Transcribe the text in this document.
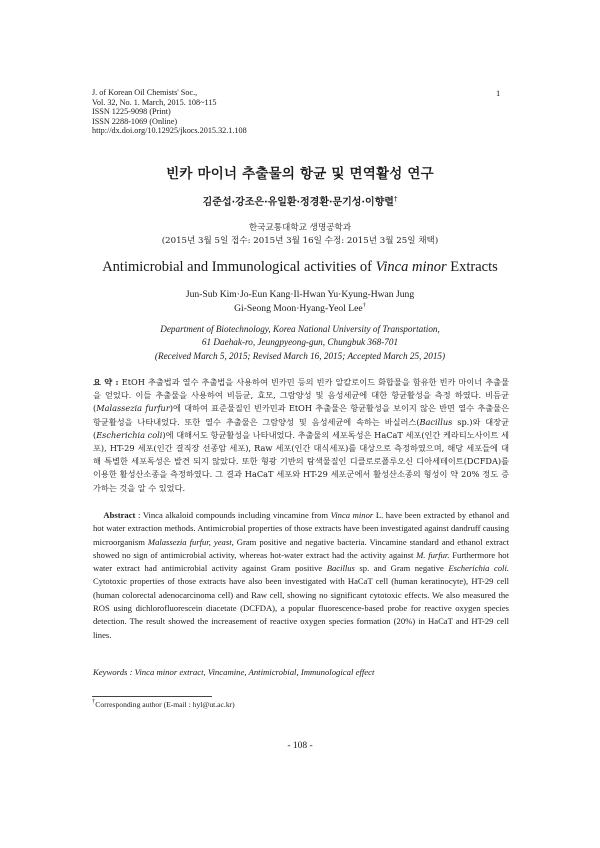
J. of Korean Oil Chemists' Soc.,
Vol. 32, No. 1. March, 2015. 108~115
ISSN 1225-9098 (Print)
ISSN 2288-1069 (Online)
http://dx.doi.org/10.12925/jkocs.2015.32.1.108
1
빈카 마이너 추출물의 항균 및 면역활성 연구
김준섭·강조은·유일환·정경환·문기성·이향렬†
한국교통대학교 생명공학과
(2015년 3월 5일 접수: 2015년 3월 16일 수정: 2015년 3월 25일 채택)
Antimicrobial and Immunological activities of Vinca minor Extracts
Jun-Sub Kim·Jo-Eun Kang·Il-Hwan Yu·Kyung-Hwan Jung
Gi-Seong Moon·Hyang-Yeol Lee†
Department of Biotechnology, Korea National University of Transportation,
61 Daehak-ro, Jeungpyeong-gun, Chungbuk 368-701
(Received March 5, 2015; Revised March 16, 2015; Accepted March 25, 2015)
요 약 : EtOH 추출법과 열수 추출법을 사용하여 빈카민 등의 빈카 알칼로이드 화합물을 함유한 빈카 마이너 추출물을 얻었다. 이들 추출물을 사용하여 비듬균, 효모, 그람양성 및 음성세균에 대한 항균활성을 측정 하였다. 비듬균(Malassezia furfur)에 대하여 표준물질인 빈카민과 EtOH 추출물은 항균활성을 보이지 않은 반면 열수 추출물은 항균활성을 나타내었다. 또한 열수 추출물은 그람양성 및 음성세균에 속하는 바실러스(Bacillus sp.)와 대장균(Escherichia coli)에 대해서도 항균활성을 나타내었다. 추출물의 세포독성은 HaCaT 세포(인간 케라티노사이트 세포), HT-29 세포(인간 결직장 선종암 세포), Raw 세포(인간 대식세포)를 대상으로 측정하였으며, 해당 세포들에 대해 특별한 세포독성은 발견 되지 않았다. 또한 형광 기반의 탐색물질인 디클로로플루오신 디아세테이트(DCFDA)를 이용한 활성산소종을 측정하였다. 그 결과 HaCaT 세포와 HT-29 세포군에서 활성산소종의 형성이 약 20% 정도 증가하는 것을 알 수 있었다.
Abstract : Vinca alkaloid compounds including vincamine from Vinca minor L. have been extracted by ethanol and hot water extraction methods. Antimicrobial properties of those extracts have been investigated against dandruff causing microorganism Malassezia furfur, yeast, Gram positive and negative bacteria. Vincamine standard and ethanol extract showed no sign of antimicrobial activity, whereas hot-water extract had the activity against M. furfur. Furthermore hot water extract had antimicrobial activity against Gram positive Bacillus sp. and Gram negative Escherichia coli. Cytotoxic properties of those extracts have also been investigated with HaCaT cell (human keratinocyte), HT-29 cell (human colorectal adenocarcinoma cell) and Raw cell, showing no significant cytotoxic effects. We also measured the ROS using dichlorofluorescein diacetate (DCFDA), a popular fluorescence-based probe for reactive oxygen species detection. The result showed the increasement of reactive oxygen species formation (20%) in HaCaT and HT-29 cell lines.
Keywords : Vinca minor extract, Vincamine, Antimicrobial, Immunological effect
†Corresponding author (E-mail : hyl@ut.ac.kr)
- 108 -
